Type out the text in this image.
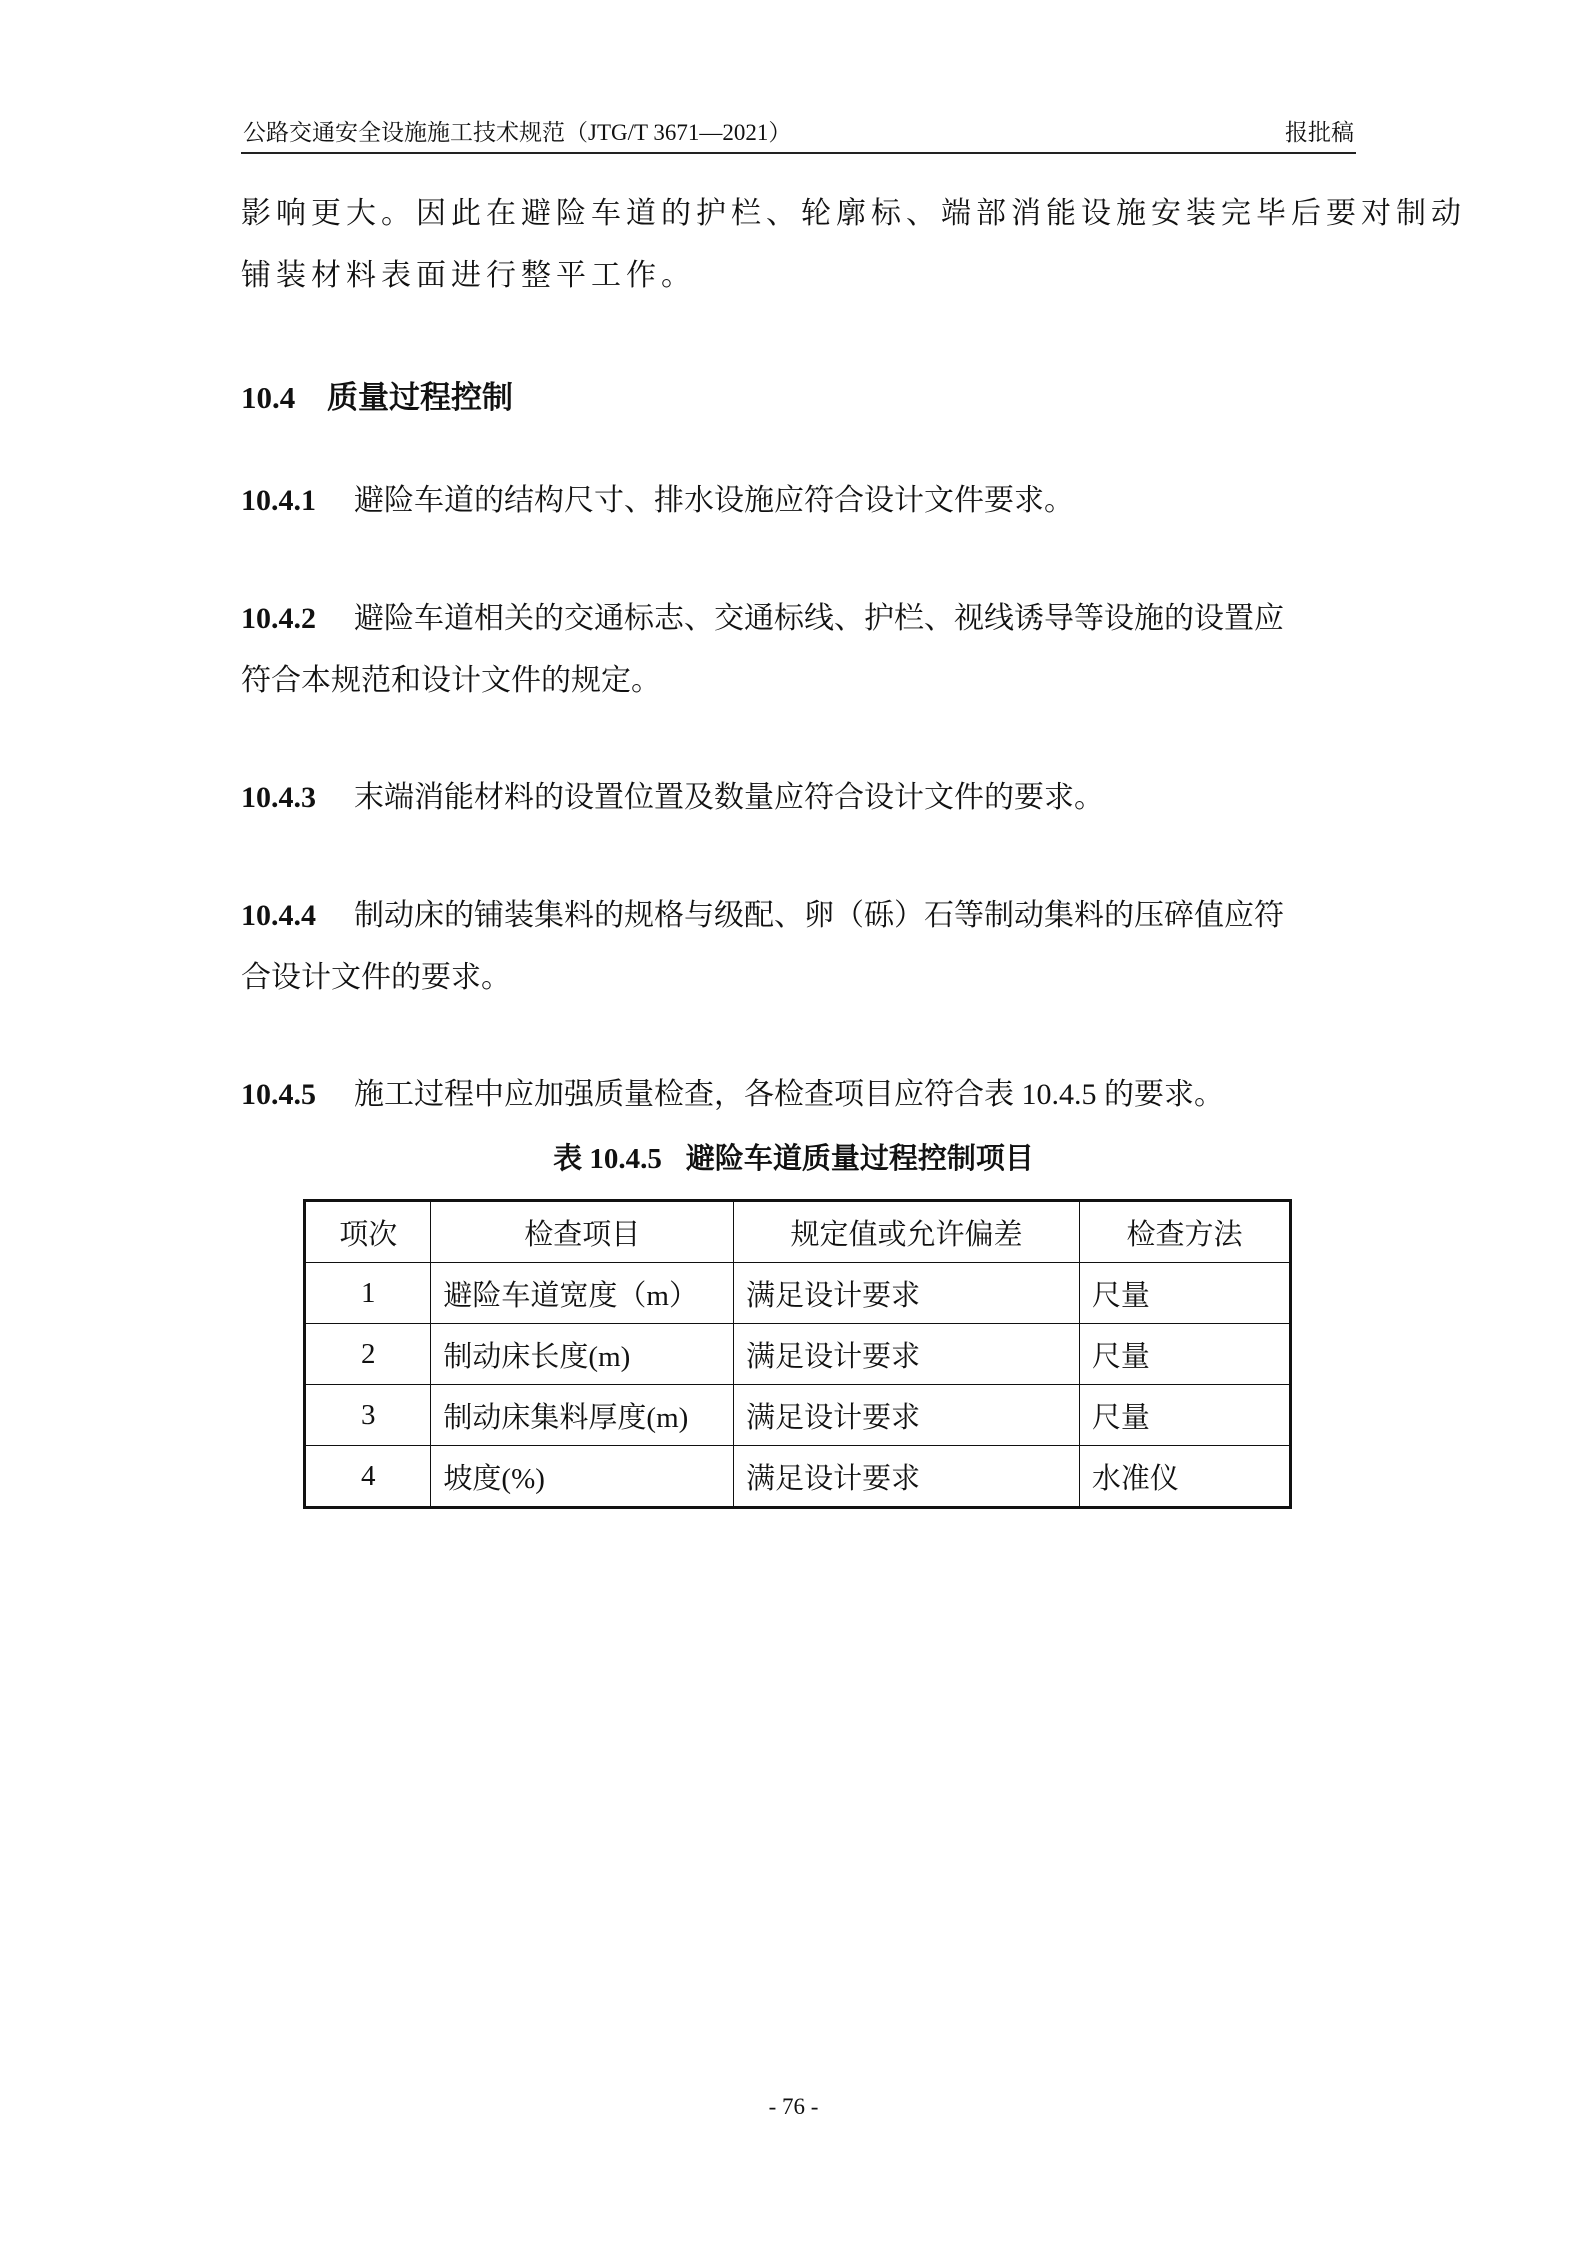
公路交通安全设施施工技术规范（JTG/T 3671—2021）	报批稿
影响更大。因此在避险车道的护栏、轮廓标、端部消能设施安装完毕后要对制动
铺装材料表面进行整平工作。
10.4 质量过程控制
10.4.1 避险车道的结构尺寸、排水设施应符合设计文件要求。
10.4.2 避险车道相关的交通标志、交通标线、护栏、视线诱导等设施的设置应
符合本规范和设计文件的规定。
10.4.3 末端消能材料的设置位置及数量应符合设计文件的要求。
10.4.4 制动床的铺装集料的规格与级配、卵（砾）石等制动集料的压碎值应符
合设计文件的要求。
10.4.5 施工过程中应加强质量检查，各检查项目应符合表 10.4.5 的要求。
表 10.4.5 避险车道质量过程控制项目
项次	检查项目	规定值或允许偏差	检查方法
1	避险车道宽度（m）	满足设计要求	尺量
2	制动床长度(m)	满足设计要求	尺量
3	制动床集料厚度(m)	满足设计要求	尺量
4	坡度(%)	满足设计要求	水准仪
- 76 -
